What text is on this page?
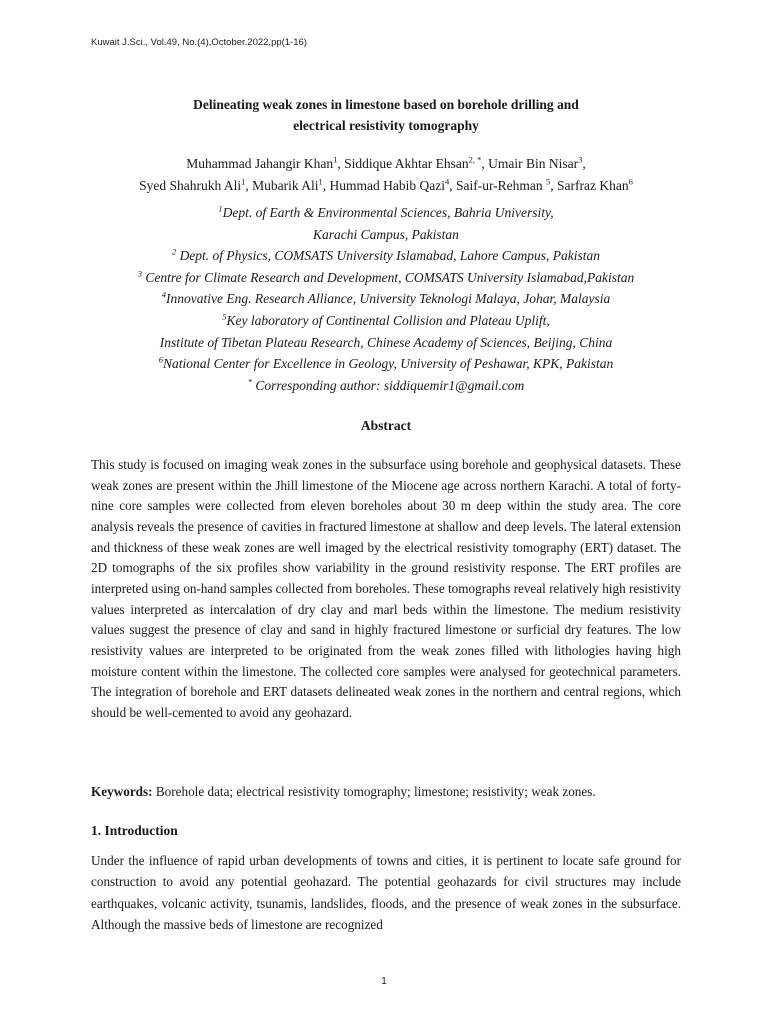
Kuwait J.Sci., Vol.49, No.(4),October.2022,pp(1-16)
Delineating weak zones in limestone based on borehole drilling and
electrical resistivity tomography
Muhammad Jahangir Khan$^1$, Siddique Akhtar Ehsan$^{2, *}$, Umair Bin Nisar$^3$,
Syed Shahrukh Ali$^1$, Mubarik Ali$^1$, Hummad Habib Qazi$^4$, Saif-ur-Rehman $^5$, Sarfraz Khan$^6$

$^1$Dept. of Earth & Environmental Sciences, Bahria University,

Karachi Campus, Pakistan

$^2$ Dept. of Physics, COMSATS University Islamabad, Lahore Campus, Pakistan

$^3$ Centre for Climate Research and Development, COMSATS University Islamabad,Pakistan

$^4$Innovative Eng. Research Alliance, University Teknologi Malaya, Johar, Malaysia

$^5$Key laboratory of Continental Collision and Plateau Uplift,

Institute of Tibetan Plateau Research, Chinese Academy of Sciences, Beijing, China

$^6$National Center for Excellence in Geology, University of Peshawar, KPK, Pakistan

* Corresponding author: siddiquemir1@gmail.com

Abstract
This study is focused on imaging weak zones in the subsurface using borehole and geophysical datasets. These weak zones are present within the Jhill limestone of the Miocene age across northern Karachi. A total of forty-nine core samples were collected from eleven boreholes about 30 m deep within the study area. The core analysis reveals the presence of cavities in fractured limestone at shallow and deep levels. The lateral extension and thickness of these weak zones are well imaged by the electrical resistivity tomography (ERT) dataset. The 2D tomographs of the six profiles show variability in the ground resistivity response. The ERT profiles are interpreted using on-hand samples collected from boreholes. These tomographs reveal relatively high resistivity values interpreted as intercalation of dry clay and marl beds within the limestone. The medium resistivity values suggest the presence of clay and sand in highly fractured limestone or surficial dry features. The low resistivity values are interpreted to be originated from the weak zones filled with lithologies having high moisture content within the limestone. The collected core samples were analysed for geotechnical parameters. The integration of borehole and ERT datasets delineated weak zones in the northern and central regions, which should be well-cemented to avoid any geohazard.
Keywords: Borehole data; electrical resistivity tomography; limestone; resistivity; weak zones.
1. Introduction
Under the influence of rapid urban developments of towns and cities, it is pertinent to locate safe ground for construction to avoid any potential geohazard. The potential geohazards for civil structures may include earthquakes, volcanic activity, tsunamis, landslides, floods, and the presence of weak zones in the subsurface. Although the massive beds of limestone are recognized
1
